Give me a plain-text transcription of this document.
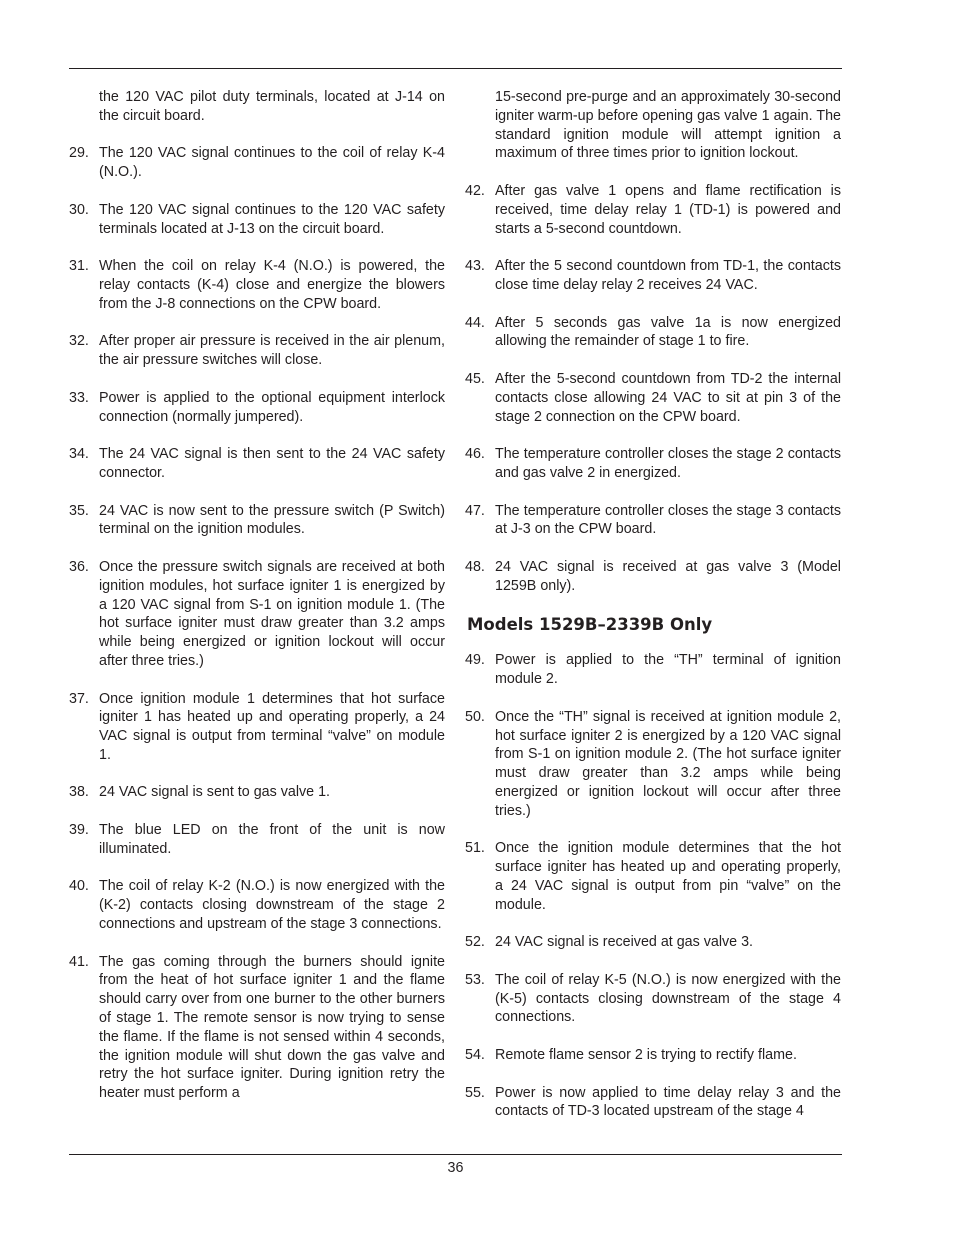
the 120 VAC pilot duty terminals, located at J-14 on the circuit board.
29. The 120 VAC signal continues to the coil of relay K-4 (N.O.).
30. The 120 VAC signal continues to the 120 VAC safety terminals located at J-13 on the circuit board.
31. When the coil on relay K-4 (N.O.) is powered, the relay contacts (K-4) close and energize the blowers from the J-8 connections on the CPW board.
32. After proper air pressure is received in the air plenum, the air pressure switches will close.
33. Power is applied to the optional equipment interlock connection (normally jumpered).
34. The 24 VAC signal is then sent to the 24 VAC safety connector.
35. 24 VAC is now sent to the pressure switch (P Switch) terminal on the ignition modules.
36. Once the pressure switch signals are received at both ignition modules, hot surface igniter 1 is energized by a 120 VAC signal from S-1 on ignition module 1. (The hot surface igniter must draw greater than 3.2 amps while being energized or ignition lockout will occur after three tries.)
37. Once ignition module 1 determines that hot surface igniter 1 has heated up and operating properly, a 24 VAC signal is output from terminal “valve” on module 1.
38. 24 VAC signal is sent to gas valve 1.
39. The blue LED on the front of the unit is now illuminated.
40. The coil of relay K-2 (N.O.) is now energized with the (K-2) contacts closing downstream of the stage 2 connections and upstream of the stage 3 connections.
41. The gas coming through the burners should ignite from the heat of hot surface igniter 1 and the flame should carry over from one burner to the other burners of stage 1. The remote sensor is now trying to sense the flame. If the flame is not sensed within 4 seconds, the ignition module will shut down the gas valve and retry the hot surface igniter. During ignition retry the heater must perform a
15-second pre-purge and an approximately 30-second igniter warm-up before opening gas valve 1 again. The standard ignition module will attempt ignition a maximum of three times prior to ignition lockout.
42. After gas valve 1 opens and flame rectification is received, time delay relay 1 (TD-1) is powered and starts a 5-second countdown.
43. After the 5 second countdown from TD-1, the contacts close time delay relay 2 receives 24 VAC.
44. After 5 seconds gas valve 1a is now energized allowing the remainder of stage 1 to fire.
45. After the 5-second countdown from TD-2 the internal contacts close allowing 24 VAC to sit at pin 3 of the stage 2 connection on the CPW board.
46. The temperature controller closes the stage 2 contacts and gas valve 2 in energized.
47. The temperature controller closes the stage 3 contacts at J-3 on the CPW board.
48. 24 VAC signal is received at gas valve 3 (Model 1259B only).
Models 1529B–2339B Only
49. Power is applied to the “TH” terminal of ignition module 2.
50. Once the “TH” signal is received at ignition module 2, hot surface igniter 2 is energized by a 120 VAC signal from S-1 on ignition module 2. (The hot surface igniter must draw greater than 3.2 amps while being energized or ignition lockout will occur after three tries.)
51. Once the ignition module determines that the hot surface igniter has heated up and operating properly, a 24 VAC signal is output from pin “valve” on the module.
52. 24 VAC signal is received at gas valve 3.
53. The coil of relay K-5 (N.O.) is now energized with the (K-5) contacts closing downstream of the stage 4 connections.
54. Remote flame sensor 2 is trying to rectify flame.
55. Power is now applied to time delay relay 3 and the contacts of TD-3 located upstream of the stage 4
36
